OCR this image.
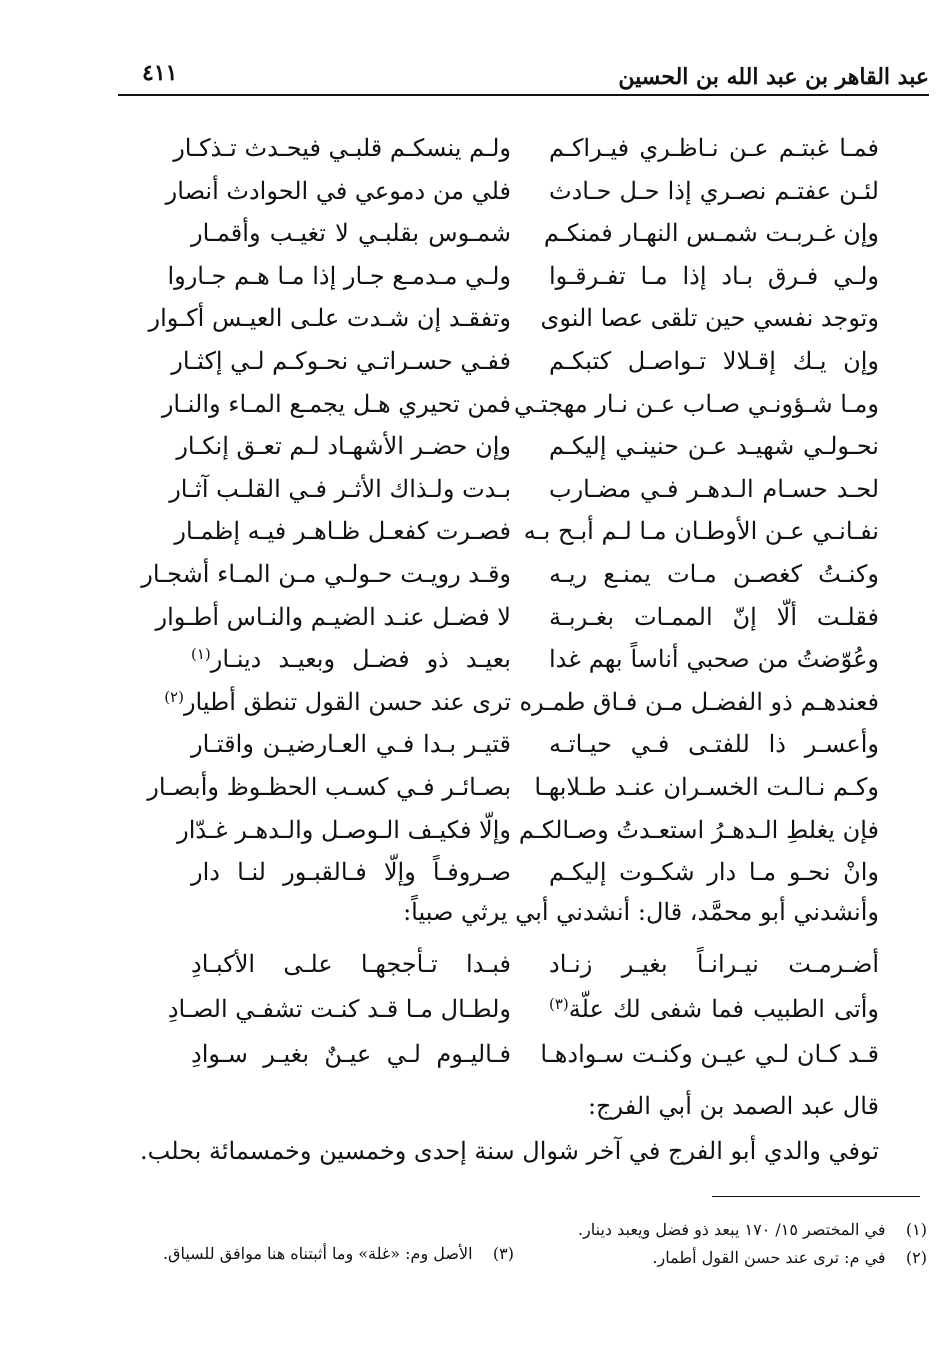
عبد القاهر بن عبد الله بن الحسين
٤١١
فمـا غبتـم عـن نـاظـري فيـراكـم
ولـم ينسكـم قلبـي فيحـدث تـذكـار
لئـن عفتـم نصـري إذا حـل حـادث
فلي من دموعي في الحوادث أنصار
وإن غـربـت شمـس النهـار فمنكـم
شمـوس بقلبـي لا تغيـب وأقمـار
ولـي فـرق بـاد إذا مـا تفـرقـوا
ولـي مـدمـع جـار إذا مـا هـم جـاروا
وتوجد نفسي حين تلقى عصا النوى
وتفقـد إن شـدت علـى العيـس أكـوار
وإن يـك إقـلالا تـواصـل كتبكـم
ففـي حسـراتـي نحـوكـم لـي إكثـار
ومـا شـؤونـي صـاب عـن نـار مهجتـي
فمن تحيري هـل يجمـع المـاء والنـار
نحـولـي شهيـد عـن حنينـي إليكـم
وإن حضـر الأشهـاد لـم تعـق إنكـار
لحـد حسـام الـدهـر فـي مضـارب
بـدت ولـذاك الأثـر فـي القلـب آثـار
نفـانـي عـن الأوطـان مـا لـم أبـح بـه
فصـرت كفعـل ظـاهـر فيـه إظمـار
وكنـتُ كغصـن مـات يمنـع ريـه
وقـد رويـت حـولـي مـن المـاء أشجـار
فقلـت ألّا إنّ الممـات بغـربـة
لا فضـل عنـد الضيـم والنـاس أطـوار
وعُوّضتُ من صحبي أناساً بهم غدا
بعيـد ذو فضـل وبعيـد دينـار$^{(١)}$
فعندهـم ذو الفضـل مـن فـاق طمـره
ترى عند حسن القول تنطق أطيار$^{(٢)}$
وأعسـر ذا للفتـى فـي حيـاتـه
قتيـر بـدا فـي العـارضيـن واقتـار
وكـم نـالـت الخسـران عنـد طـلابهـا
بصـائـر فـي كسـب الحظـوظ وأبصـار
فإن يغلطِ الـدهـرُ استعـدتُ وصـالكـم
وإلّا فكيـف الـوصـل والـدهـر غـدّار
وانْ نحـو مـا دار شكـوت إليكـم
صـروفـاً وإلّا فـالقبـور لنـا دار
وأنشدني أبو محمَّد، قال: أنشدني أبي يرثي صبياً:
أضـرمـت نيـرانـاً بغيـر زنـاد
فبـدا تـأججهـا علـى الأكبـادِ
وأتى الطبيب فما شفى لك علّة$^{(٣)}$
ولطـال مـا قـد كنـت تشفـي الصـادِ
قـد كـان لـي عيـن وكنـت سـوادهـا
فـاليـوم لـي عيـنٌ بغيـر سـوادِ
قال عبد الصمد بن أبي الفرج:
توفي والدي أبو الفرج في آخر شوال سنة إحدى وخمسين وخمسمائة بحلب.
(١)    في المختصر ١٥/ ١٧٠ يبعد ذو فضل ويعبد دينار.
(٢)    في م: ترى عند حسن القول أطمار.
(٣)    الأصل وم: «غلة» وما أثبتناه هنا موافق للسياق.
